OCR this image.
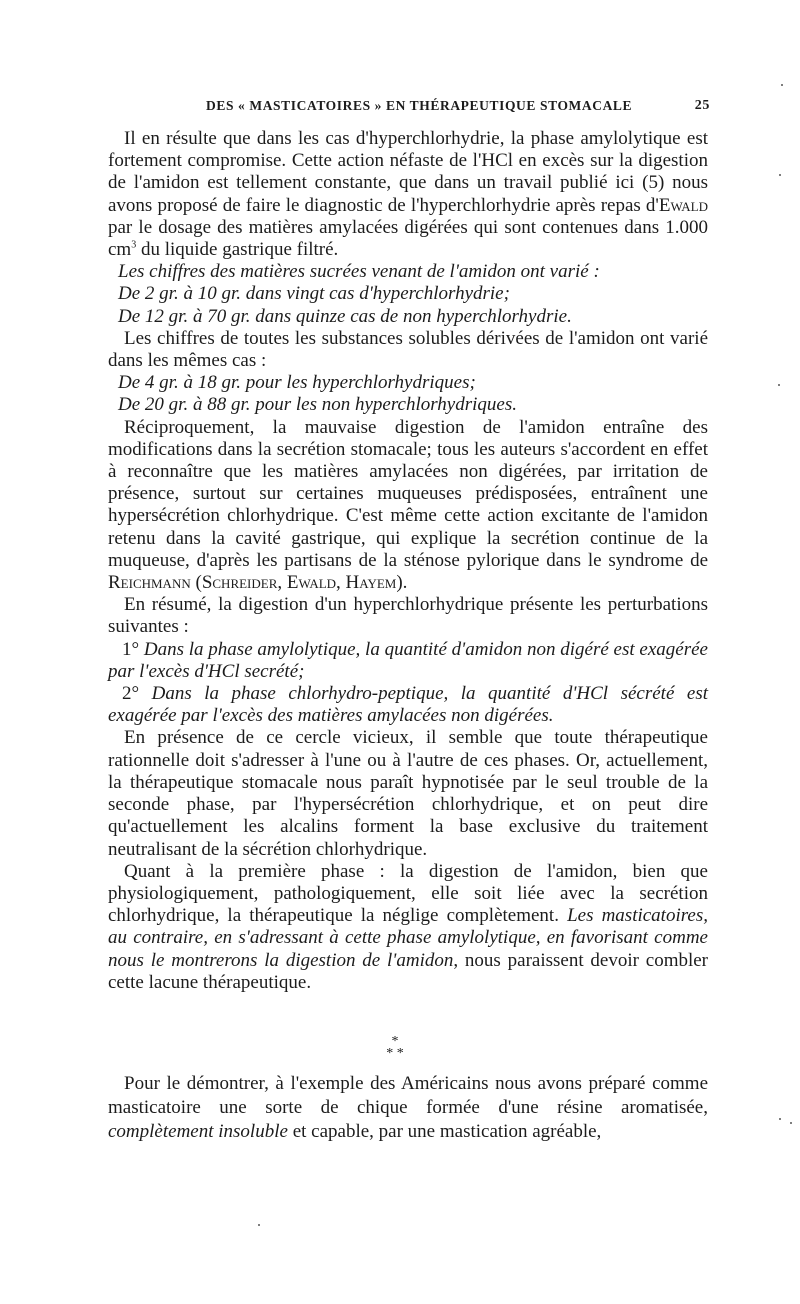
DES « MASTICATOIRES » EN THÉRAPEUTIQUE STOMACALE	25

Il en résulte que dans les cas d'hyperchlorhydrie, la phase amylolytique est fortement compromise. Cette action néfaste de l'HCl en excès sur la digestion de l'amidon est tellement constante, que dans un travail publié ici (5) nous avons proposé de faire le diagnostic de l'hyperchlorhydrie après repas d'Ewald par le dosage des matières amylacées digérées qui sont contenues dans 1.000 $cm^3$ du liquide gastrique filtré.

Les chiffres des matières sucrées venant de l'amidon ont varié :

De 2 gr. à 10 gr. dans vingt cas d'hyperchlorhydrie;

De 12 gr. à 70 gr. dans quinze cas de non hyperchlorhydrie.

Les chiffres de toutes les substances solubles dérivées de l'amidon ont varié dans les mêmes cas :

De 4 gr. à 18 gr. pour les hyperchlorhydriques;

De 20 gr. à 88 gr. pour les non hyperchlorhydriques.

Réciproquement, la mauvaise digestion de l'amidon entraîne des modifications dans la secrétion stomacale; tous les auteurs s'accordent en effet à reconnaître que les matières amylacées non digérées, par irritation de présence, surtout sur certaines muqueuses prédisposées, entraînent une hypersécrétion chlorhydrique. C'est même cette action excitante de l'amidon retenu dans la cavité gastrique, qui explique la secrétion continue de la muqueuse, d'après les partisans de la sténose pylorique dans le syndrome de Reichmann (Schreider, Ewald, Hayem).

En résumé, la digestion d'un hyperchlorhydrique présente les perturbations suivantes :

1° Dans la phase amylolytique, la quantité d'amidon non digéré est exagérée par l'excès d'HCl secrété;

2° Dans la phase chlorhydro-peptique, la quantité d'HCl sécrété est exagérée par l'excès des matières amylacées non digérées.

En présence de ce cercle vicieux, il semble que toute thérapeutique rationnelle doit s'adresser à l'une ou à l'autre de ces phases. Or, actuellement, la thérapeutique stomacale nous paraît hypnotisée par le seul trouble de la seconde phase, par l'hypersécrétion chlorhydrique, et on peut dire qu'actuellement les alcalins forment la base exclusive du traitement neutralisant de la sécrétion chlorhydrique.

Quant à la première phase : la digestion de l'amidon, bien que physiologiquement, pathologiquement, elle soit liée avec la secrétion chlorhydrique, la thérapeutique la néglige complètement. Les masticatoires, au contraire, en s'adressant à cette phase amylolytique, en favorisant comme nous le montrerons la digestion de l'amidon, nous paraissent devoir combler cette lacune thérapeutique.

*
* *

Pour le démontrer, à l'exemple des Américains nous avons préparé comme masticatoire une sorte de chique formée d'une résine aromatisée, complètement insoluble et capable, par une mastication agréable,
